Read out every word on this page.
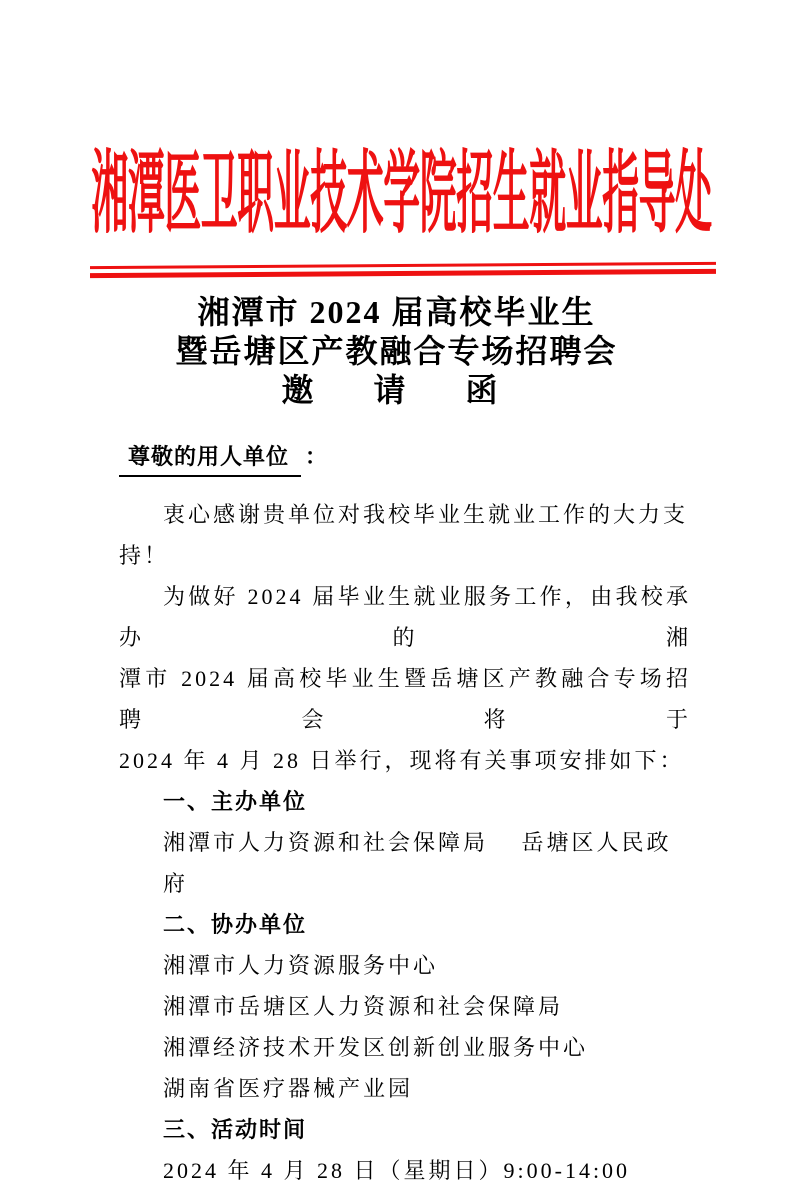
湘潭医卫职业技术学院招生就业指导处
湘潭市 2024 届高校毕业生
暨岳塘区产教融合专场招聘会
邀　请　函
尊敬的用人单位 ：
衷心感谢贵单位对我校毕业生就业工作的大力支持！
为做好 2024 届毕业生就业服务工作，由我校承办的湘
潭市 2024 届高校毕业生暨岳塘区产教融合专场招聘会将于
2024 年 4 月 28 日举行，现将有关事项安排如下：
一、主办单位
湘潭市人力资源和社会保障局　 岳塘区人民政府
二、协办单位
湘潭市人力资源服务中心
湘潭市岳塘区人力资源和社会保障局
湘潭经济技术开发区创新创业服务中心
湖南省医疗器械产业园
三、活动时间
2024 年 4 月 28 日（星期日）9:00-14:00
